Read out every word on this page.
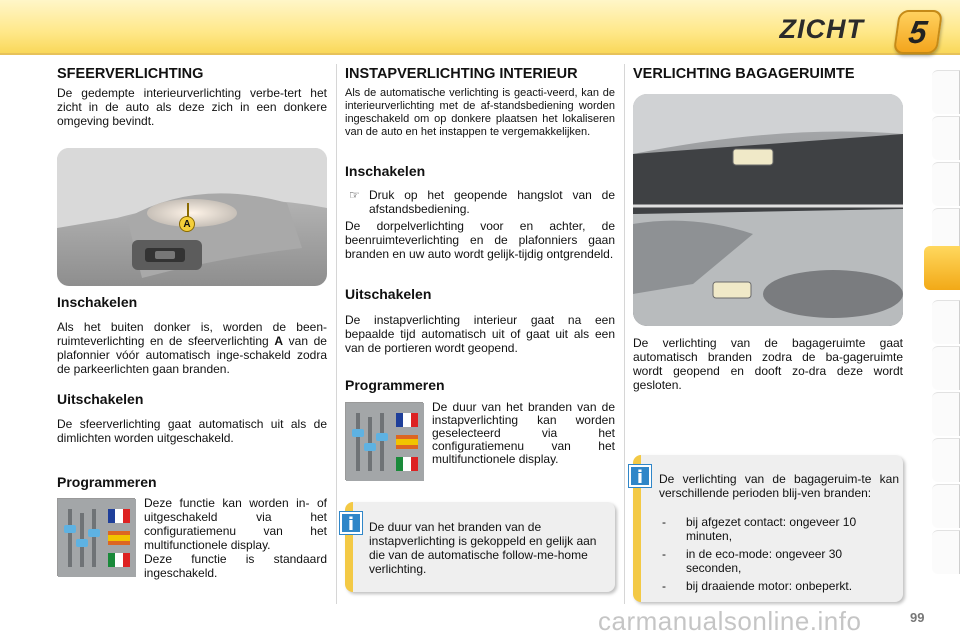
ZICHT 5
SFEERVERLICHTING

De gedempte interieurverlichting verbe-tert het zicht in de auto als deze zich in een donkere omgeving bevindt.

A
Inschakelen

Als het buiten donker is, worden de been-ruimteverlichting en de sfeerverlichting A van de plafonnier vóór automatisch inge-schakeld zodra de parkeerlichten gaan branden.

Uitschakelen

De sfeerverlichting gaat automatisch uit als de dimlichten worden uitgeschakeld.

Programmeren

Deze functie kan worden in- of uitgeschakeld via het configuratiemenu van het multifunctionele display.

Deze functie is standaard ingeschakeld.

INSTAPVERLICHTING INTERIEUR

Als de automatische verlichting is geacti-veerd, kan de interieurverlichting met de af-standsbediening worden ingeschakeld om op donkere plaatsen het lokaliseren van de auto en het instappen te vergemakkelijken.

Inschakelen
☞ Druk op het geopende hangslot van de afstandsbediening.

De dorpelverlichting voor en achter, de beenruimteverlichting en de plafonniers gaan branden en uw auto wordt gelijk-tijdig ontgrendeld.

Uitschakelen

De instapverlichting interieur gaat na een bepaalde tijd automatisch uit of gaat uit als een van de portieren wordt geopend.

Programmeren

De duur van het branden van de instapverlichting kan worden geselecteerd via het configuratiemenu van het multifunctionele display.

De duur van het branden van de instapverlichting is gekoppeld en gelijk aan die van de automatische follow-me-home verlichting.

i
VERLICHTING BAGAGERUIMTE

De verlichting van de bagageruimte gaat automatisch branden zodra de ba-gageruimte wordt geopend en dooft zo-dra deze wordt gesloten.

De verlichting van de bagageruim-te kan verschillende perioden blij-ven branden:

- bij afgezet contact: ongeveer 10 minuten,
- in de eco-mode: ongeveer 30 seconden,
- bij draaiende motor: onbeperkt.
i
99
carmanualsonline.info
